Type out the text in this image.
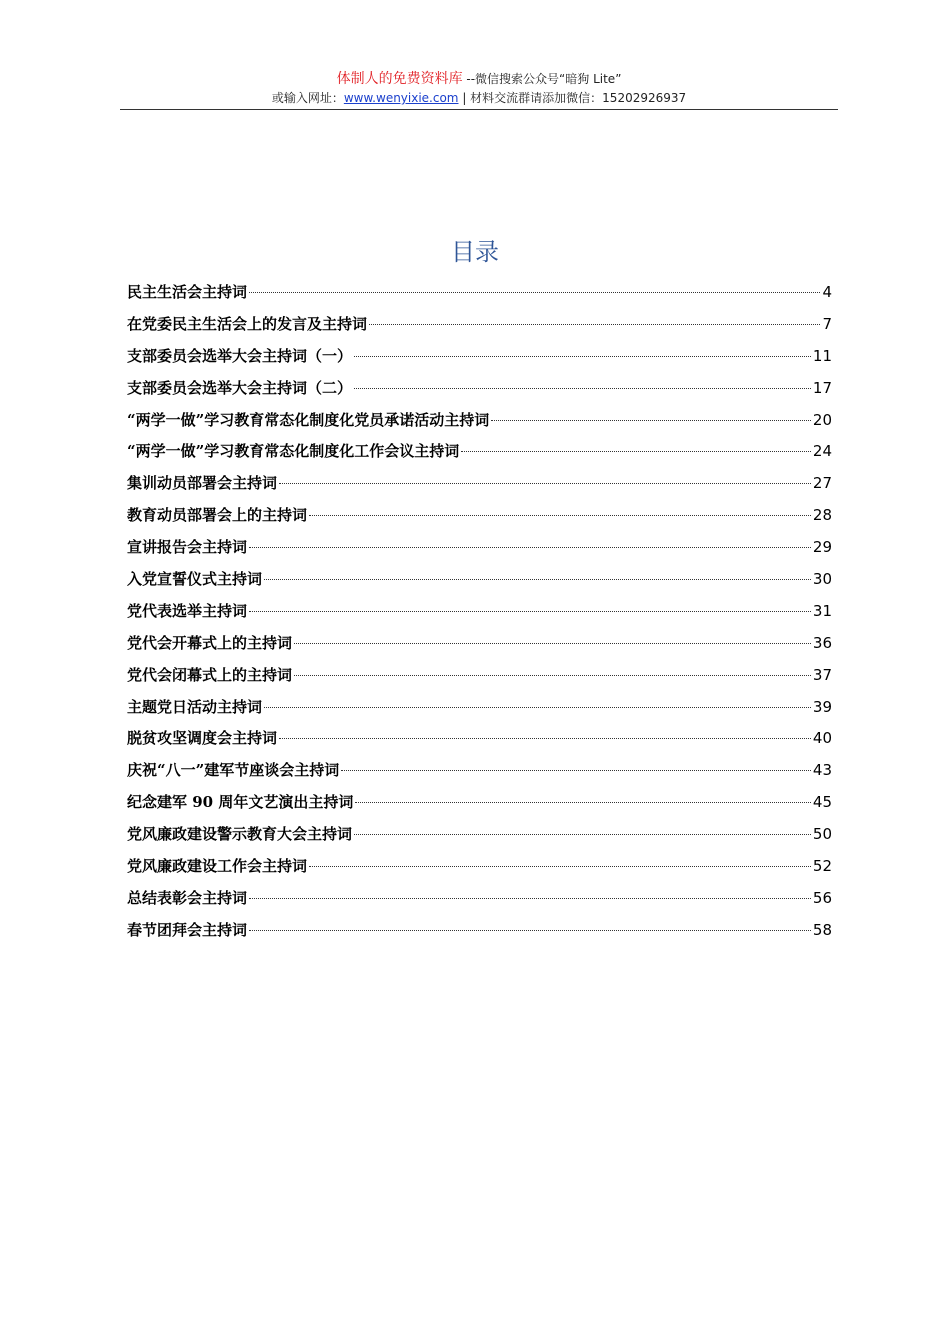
体制人的免费资料库 --微信搜索公众号“暗狗 Lite”
或输入网址：www.wenyixie.com | 材料交流群请添加微信：15202926937
目录
民主生活会主持词	4
在党委民主生活会上的发言及主持词	7
支部委员会选举大会主持词（一）	11
支部委员会选举大会主持词（二）	17
“两学一做”学习教育常态化制度化党员承诺活动主持词	20
“两学一做”学习教育常态化制度化工作会议主持词	24
集训动员部署会主持词	27
教育动员部署会上的主持词	28
宣讲报告会主持词	29
入党宣誓仪式主持词	30
党代表选举主持词	31
党代会开幕式上的主持词	36
党代会闭幕式上的主持词	37
主题党日活动主持词	39
脱贫攻坚调度会主持词	40
庆祝“八一”建军节座谈会主持词	43
纪念建军 90 周年文艺演出主持词	45
党风廉政建设警示教育大会主持词	50
党风廉政建设工作会主持词	52
总结表彰会主持词	56
春节团拜会主持词	58
